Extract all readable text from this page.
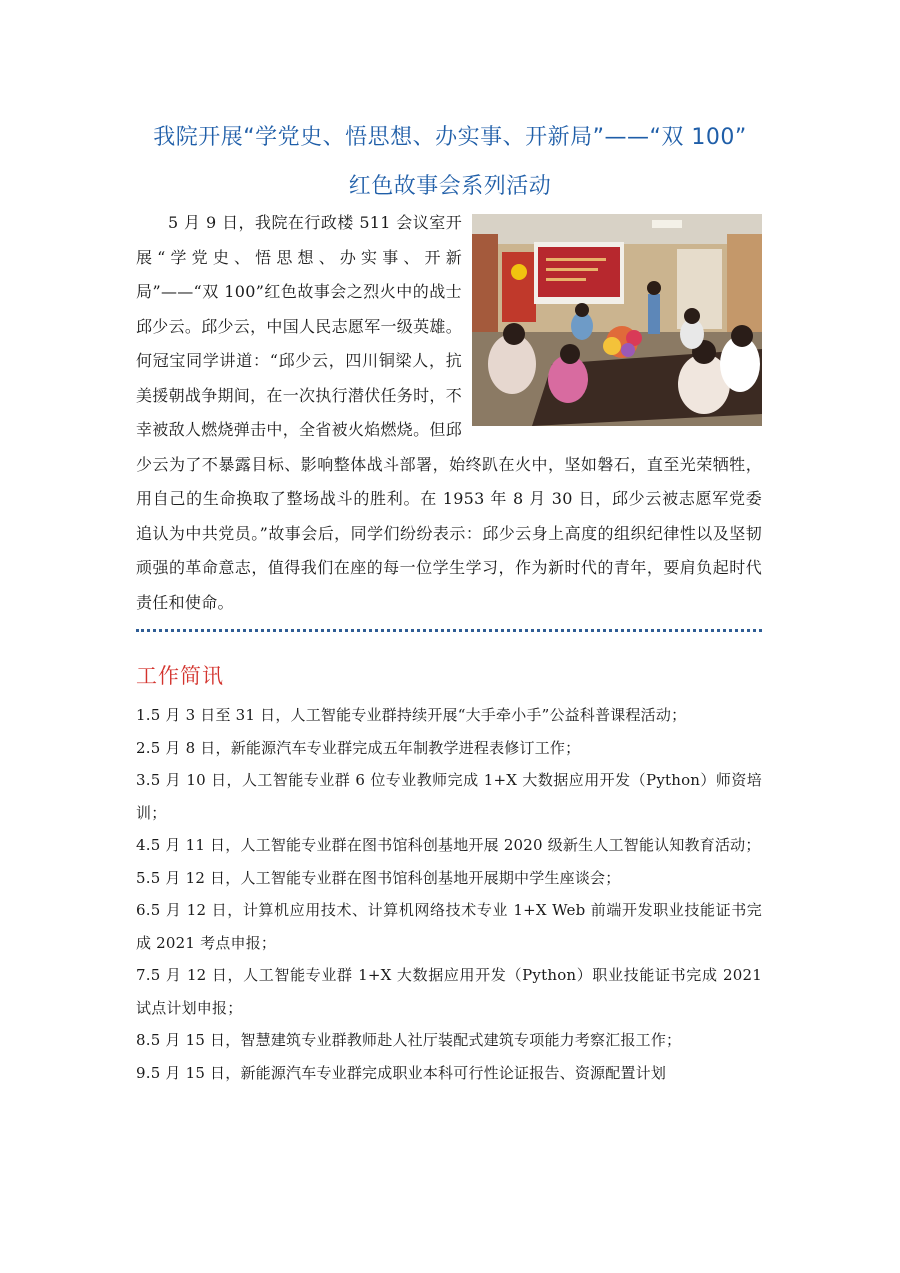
我院开展“学党史、悟思想、办实事、开新局”——“双 100”
红色故事会系列活动
5 月 9 日，我院在行政楼 511 会议室开展“学党史、悟思想、办实事、开新局”——“双 100”红色故事会之烈火中的战士邱少云。邱少云，中国人民志愿军一级英雄。何冠宝同学讲道：“邱少云，四川铜梁人，抗美援朝战争期间，在一次执行潜伏任务时，不幸被敌人燃烧弹击中，全省被火焰燃烧。但邱少云为了不暴露目标、影响整体战斗部署，始终趴在火中，坚如磐石，直至光荣牺牲，用自己的生命换取了整场战斗的胜利。在 1953 年 8 月 30 日，邱少云被志愿军党委追认为中共党员。”故事会后，同学们纷纷表示：邱少云身上高度的组织纪律性以及坚韧顽强的革命意志，值得我们在座的每一位学生学习，作为新时代的青年，要肩负起时代责任和使命。
工作简讯

1.5 月 3 日至 31 日，人工智能专业群持续开展“大手牵小手”公益科普课程活动；

2.5 月 8 日，新能源汽车专业群完成五年制教学进程表修订工作；

3.5 月 10 日，人工智能专业群 6 位专业教师完成 1+X 大数据应用开发（Python）师资培训；

4.5 月 11 日，人工智能专业群在图书馆科创基地开展 2020 级新生人工智能认知教育活动；

5.5 月 12 日，人工智能专业群在图书馆科创基地开展期中学生座谈会；

6.5 月 12 日，计算机应用技术、计算机网络技术专业 1+X Web 前端开发职业技能证书完成 2021 考点申报；

7.5 月 12 日，人工智能专业群 1+X 大数据应用开发（Python）职业技能证书完成 2021 试点计划申报；

8.5 月 15 日，智慧建筑专业群教师赴人社厅装配式建筑专项能力考察汇报工作；

9.5 月 15 日，新能源汽车专业群完成职业本科可行性论证报告、资源配置计划
